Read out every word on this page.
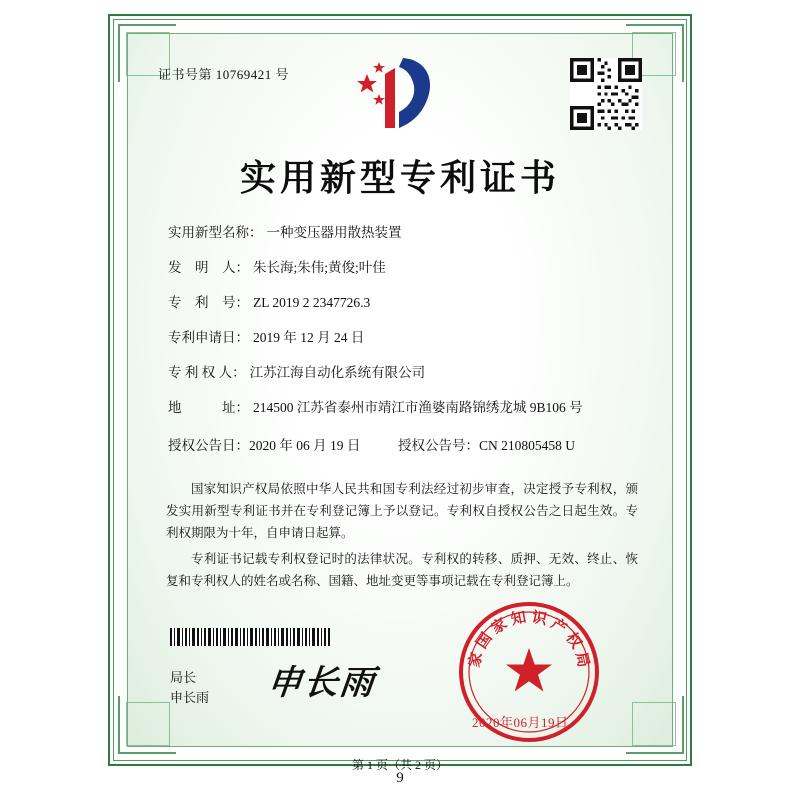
证书号第 10769421 号
实用新型专利证书
实用新型名称： 一种变压器用散热装置
发　明　人： 朱长海;朱伟;黄俊;叶佳
专　利　号： ZL 2019 2 2347726.3
专利申请日： 2019 年 12 月 24 日
专 利 权 人： 江苏江海自动化系统有限公司
地　　　址： 214500 江苏省泰州市靖江市渔婆南路锦绣龙城 9B106 号
授权公告日：2020 年 06 月 19 日	授权公告号：CN 210805458 U

国家知识产权局依照中华人民共和国专利法经过初步审查，决定授予专利权，颁发实用新型专利证书并在专利登记簿上予以登记。专利权自授权公告之日起生效。专利权期限为十年，自申请日起算。

专利证书记载专利权登记时的法律状况。专利权的转移、质押、无效、终止、恢复和专利权人的姓名或名称、国籍、地址变更等事项记载在专利登记簿上。

局长
申长雨 申长雨
国
家 知 识 产
权
局
家
2020年06月19日
第 1 页（共 2 页）
9
